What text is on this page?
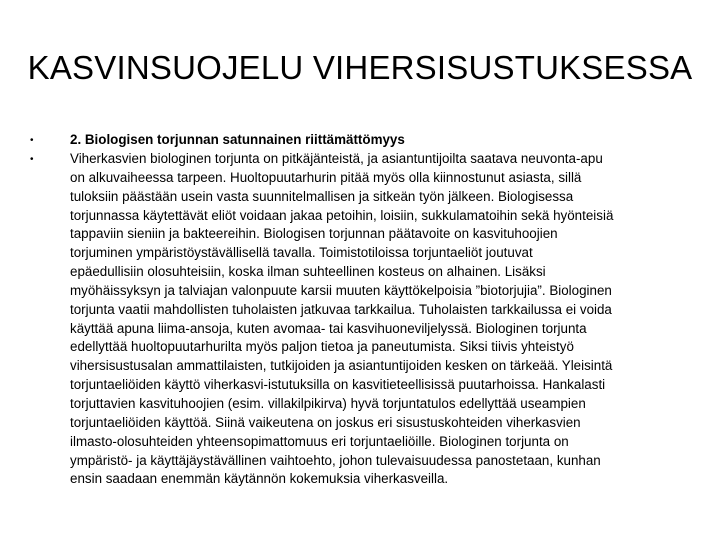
KASVINSUOJELU VIHERSISUSTUKSESSA
•	2. Biologisen torjunnan satunnainen riittämättömyys
•	Viherkasvien biologinen torjunta on pitkäjänteistä, ja asiantuntijoilta saatava neuvonta-apu
on alkuvaiheessa tarpeen. Huoltopuutarhurin pitää myös olla kiinnostunut asiasta, sillä
tuloksiin päästään usein vasta suunnitelmallisen ja sitkeän työn jälkeen. Biologisessa
torjunnassa käytettävät eliöt voidaan jakaa petoihin, loisiin, sukkulamatoihin sekä hyönteisiä
tappaviin sieniin ja bakteereihin. Biologisen torjunnan päätavoite on kasvituhoojien
torjuminen ympäristöystävällisellä tavalla. Toimistotiloissa torjuntaeliöt joutuvat
epäedullisiin olosuhteisiin, koska ilman suhteellinen kosteus on alhainen. Lisäksi
myöhäissyksyn ja talviajan valonpuute karsii muuten käyttökelpoisia ”biotorjujia”. Biologinen
torjunta vaatii mahdollisten tuholaisten jatkuvaa tarkkailua. Tuholaisten tarkkailussa ei voida
käyttää apuna liima-ansoja, kuten avomaa- tai kasvihuoneviljelyssä. Biologinen torjunta
edellyttää huoltopuutarhurilta myös paljon tietoa ja paneutumista. Siksi tiivis yhteistyö
vihersisustusalan ammattilaisten, tutkijoiden ja asiantuntijoiden kesken on tärkeää. Yleisintä
torjuntaeliöiden käyttö viherkasvi-istutuksilla on kasvitieteellisissä puutarhoissa. Hankalasti
torjuttavien kasvituhoojien (esim. villakilpikirva) hyvä torjuntatulos edellyttää useampien
torjuntaeliöiden käyttöä. Siinä vaikeutena on joskus eri sisustuskohteiden viherkasvien
ilmasto-olosuhteiden yhteensopimattomuus eri torjuntaeliöille. Biologinen torjunta on
ympäristö- ja käyttäjäystävällinen vaihtoehto, johon tulevaisuudessa panostetaan, kunhan
ensin saadaan enemmän käytännön kokemuksia viherkasveilla.
